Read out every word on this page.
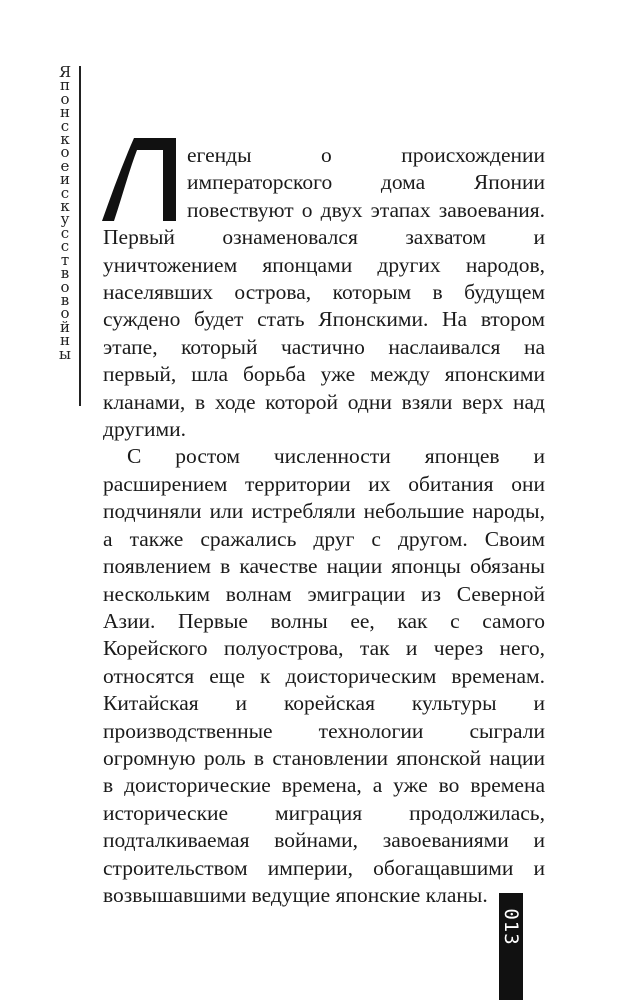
Японское искусство войны

егенды о происхождении императорского дома Японии повествуют о двух этапах завоевания. Первый ознаменовался захватом и уничтожением японцами других народов, населявших острова, которым в будущем суждено будет стать Японскими. На втором этапе, который частично наслаивался на первый, шла борьба уже между японскими кланами, в ходе которой одни взяли верх над другими.

С ростом численности японцев и расширением территории их обитания они подчиняли или истребляли небольшие народы, а также сражались друг с другом. Своим появлением в качестве нации японцы обязаны нескольким волнам эмиграции из Северной Азии. Первые волны ее, как с самого Корейского полуострова, так и через него, относятся еще к доисторическим временам. Китайская и корейская культуры и производственные технологии сыграли огромную роль в становлении японской нации в доисторические времена, а уже во времена исторические миграция продолжилась, подталкиваемая войнами, завоеваниями и строительством империи, обогащавшими и возвышавшими ведущие японские кланы.

013
